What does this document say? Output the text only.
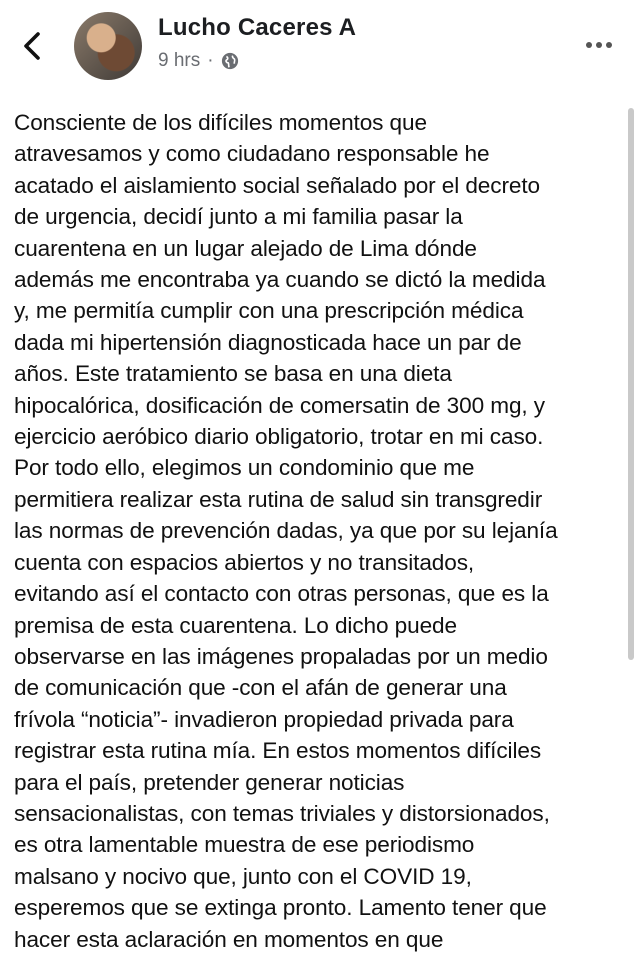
Lucho Caceres A
9 hrs ·
Consciente de los difíciles momentos que
atravesamos y como ciudadano responsable he
acatado el aislamiento social señalado por el decreto
de urgencia, decidí junto a mi familia pasar la
cuarentena en un lugar alejado de Lima dónde
además me encontraba ya cuando se dictó la medida
y, me permitía cumplir con una prescripción médica
dada mi hipertensión diagnosticada hace un par de
años. Este tratamiento se basa en una dieta
hipocalórica, dosificación de comersatin de 300 mg, y
ejercicio aeróbico diario obligatorio, trotar en mi caso.
Por todo ello, elegimos un condominio que me
permitiera realizar esta rutina de salud sin transgredir
las normas de prevención dadas, ya que por su lejanía
cuenta con espacios abiertos y no transitados,
evitando así el contacto con otras personas, que es la
premisa de esta cuarentena. Lo dicho puede
observarse en las imágenes propaladas por un medio
de comunicación que -con el afán de generar una
frívola “noticia”- invadieron propiedad privada para
registrar esta rutina mía. En estos momentos difíciles
para el país, pretender generar noticias
sensacionalistas, con temas triviales y distorsionados,
es otra lamentable muestra de ese periodismo
malsano y nocivo que, junto con el COVID 19,
esperemos que se extinga pronto. Lamento tener que
hacer esta aclaración en momentos en que
